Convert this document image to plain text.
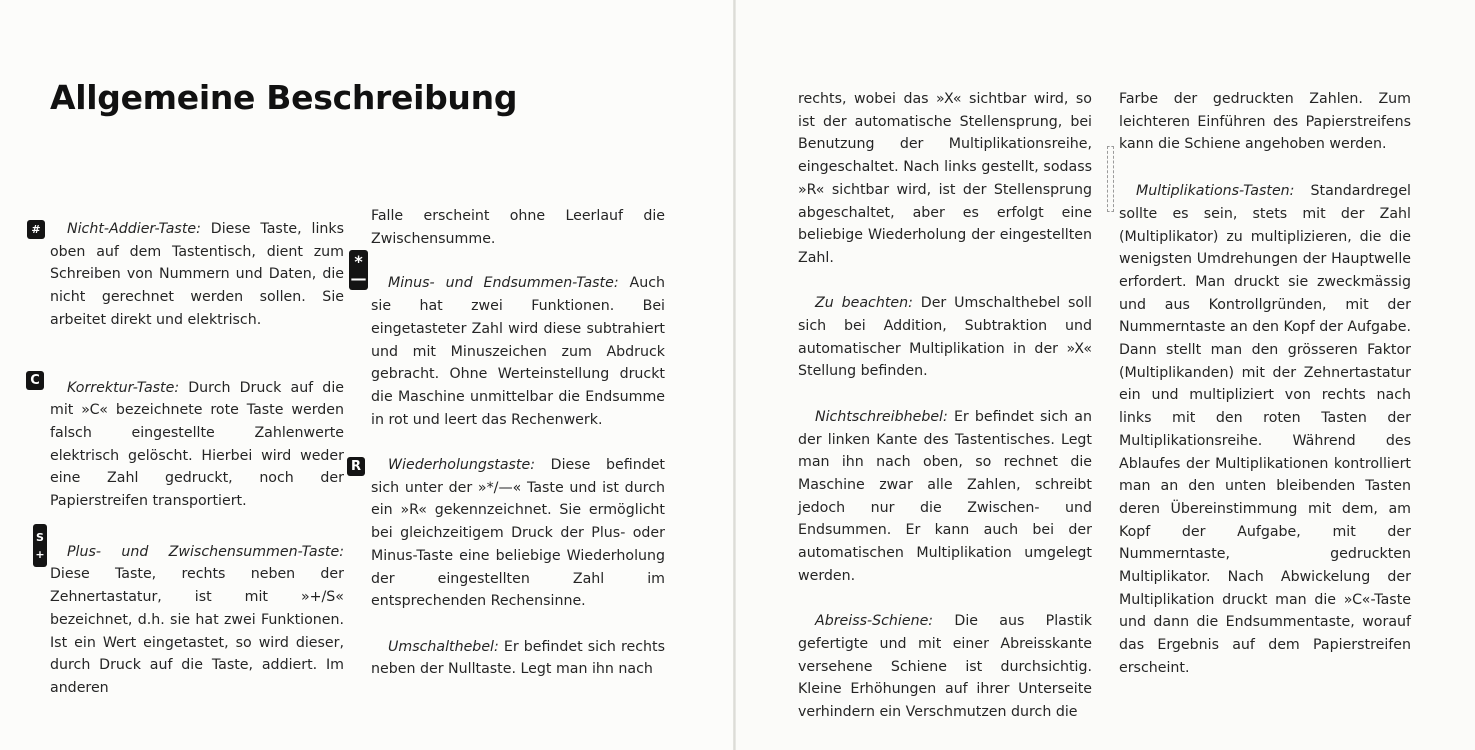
Allgemeine Beschreibung
#
C
S
+
*
—
R

Nicht-Addier-Taste: Diese Taste, links oben auf dem Tastentisch, dient zum Schreiben von Nummern und Daten, die nicht gerechnet werden sollen. Sie arbeitet direkt und elektrisch.

Korrektur-Taste: Durch Druck auf die mit »C« bezeichnete rote Taste werden falsch eingestellte Zahlenwerte elektrisch gelöscht. Hierbei wird weder eine Zahl gedruckt, noch der Papierstreifen transportiert.

Plus- und Zwischensummen-Taste: Diese Taste, rechts neben der Zehnertastatur, ist mit »+/S« bezeichnet, d.h. sie hat zwei Funktionen. Ist ein Wert eingetastet, so wird dieser, durch Druck auf die Taste, addiert. Im anderen

Falle erscheint ohne Leerlauf die Zwischensumme.

Minus- und Endsummen-Taste: Auch sie hat zwei Funktionen. Bei eingetasteter Zahl wird diese subtrahiert und mit Minuszeichen zum Abdruck gebracht. Ohne Werteinstellung druckt die Maschine unmittelbar die Endsumme in rot und leert das Rechenwerk.

Wiederholungstaste: Diese befindet sich unter der »*/—« Taste und ist durch ein »R« gekennzeichnet. Sie ermöglicht bei gleichzeitigem Druck der Plus- oder Minus-Taste eine beliebige Wiederholung der eingestellten Zahl im entsprechenden Rechensinne.

Umschalthebel: Er befindet sich rechts neben der Nulltaste. Legt man ihn nach

rechts, wobei das »X« sichtbar wird, so ist der automatische Stellensprung, bei Benutzung der Multiplikationsreihe, eingeschaltet. Nach links gestellt, sodass »R« sichtbar wird, ist der Stellensprung abgeschaltet, aber es erfolgt eine beliebige Wiederholung der eingestellten Zahl.

Zu beachten: Der Umschalthebel soll sich bei Addition, Subtraktion und automatischer Multiplikation in der »X« Stellung befinden.

Nichtschreibhebel: Er befindet sich an der linken Kante des Tastentisches. Legt man ihn nach oben, so rechnet die Maschine zwar alle Zahlen, schreibt jedoch nur die Zwischen- und Endsummen. Er kann auch bei der automatischen Multiplikation umgelegt werden.

Abreiss-Schiene: Die aus Plastik gefertigte und mit einer Abreisskante versehene Schiene ist durchsichtig. Kleine Erhöhungen auf ihrer Unterseite verhindern ein Verschmutzen durch die

Farbe der gedruckten Zahlen. Zum leichteren Einführen des Papierstreifens kann die Schiene angehoben werden.

Multiplikations-Tasten: Standardregel sollte es sein, stets mit der Zahl (Multiplikator) zu multiplizieren, die die wenigsten Umdrehungen der Hauptwelle erfordert. Man druckt sie zweckmässig und aus Kontrollgründen, mit der Nummerntaste an den Kopf der Aufgabe. Dann stellt man den grösseren Faktor (Multiplikanden) mit der Zehnertastatur ein und multipliziert von rechts nach links mit den roten Tasten der Multiplikationsreihe. Während des Ablaufes der Multiplikationen kontrolliert man an den unten bleibenden Tasten deren Übereinstimmung mit dem, am Kopf der Aufgabe, mit der Nummerntaste, gedruckten Multiplikator. Nach Abwickelung der Multiplikation druckt man die »C«-Taste und dann die Endsummentaste, worauf das Ergebnis auf dem Papierstreifen erscheint.
